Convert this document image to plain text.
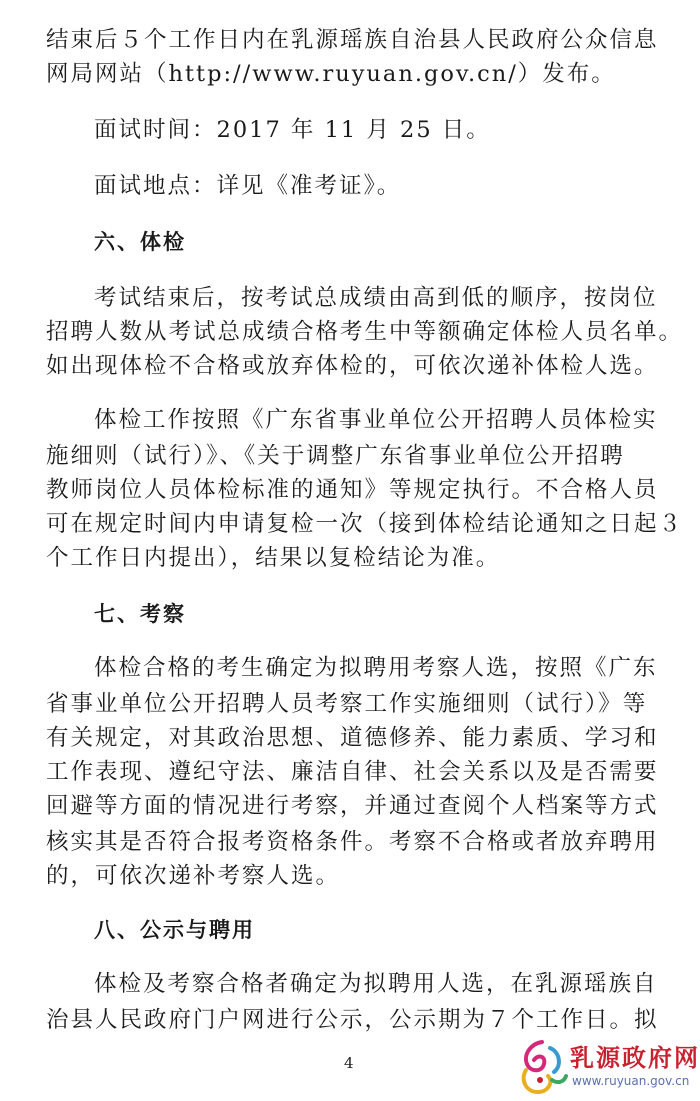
结束后５个工作日内在乳源瑶族自治县人民政府公众信息
网局网站（http://www.ruyuan.gov.cn/）发布。
面试时间：2017 年 11 月 25 日。
面试地点：详见《准考证》。
六、体检
考试结束后，按考试总成绩由高到低的顺序，按岗位
招聘人数从考试总成绩合格考生中等额确定体检人员名单。
如出现体检不合格或放弃体检的，可依次递补体检人选。
体检工作按照《广东省事业单位公开招聘人员体检实
施细则（试行）》、《关于调整广东省事业单位公开招聘
教师岗位人员体检标准的通知》等规定执行。不合格人员
可在规定时间内申请复检一次（接到体检结论通知之日起３
个工作日内提出），结果以复检结论为准。
七、考察
体检合格的考生确定为拟聘用考察人选，按照《广东
省事业单位公开招聘人员考察工作实施细则（试行）》等
有关规定，对其政治思想、道德修养、能力素质、学习和
工作表现、遵纪守法、廉洁自律、社会关系以及是否需要
回避等方面的情况进行考察，并通过查阅个人档案等方式
核实其是否符合报考资格条件。考察不合格或者放弃聘用
的，可依次递补考察人选。
八、公示与聘用
体检及考察合格者确定为拟聘用人选，在乳源瑶族自
治县人民政府门户网进行公示，公示期为７个工作日。拟
4	乳源政府网
www.ruyuan.gov.cn
